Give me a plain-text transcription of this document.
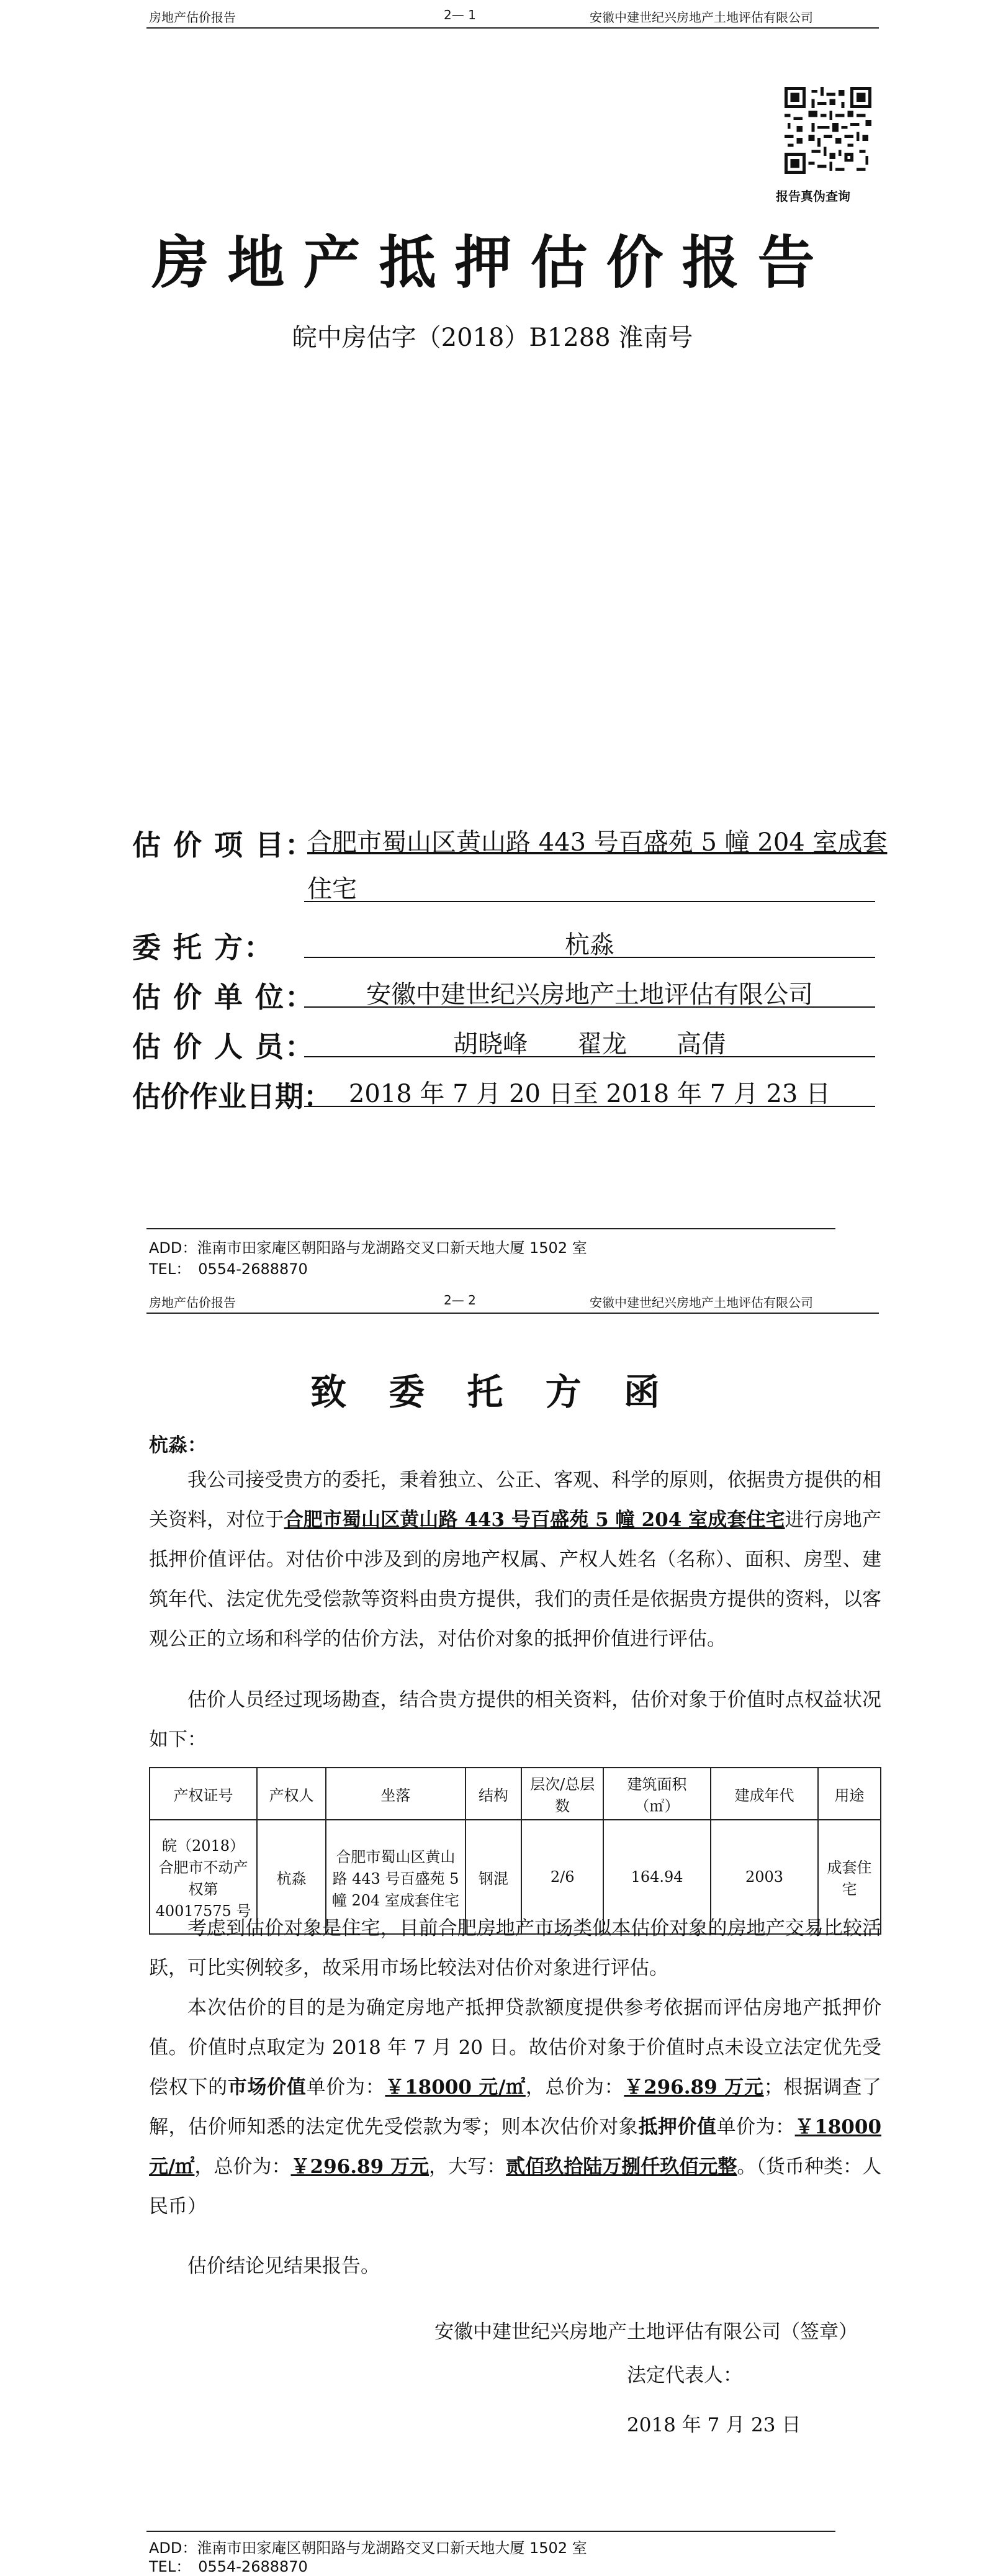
房地产估价报告	2— 1	安徽中建世纪兴房地产土地评估有限公司
报告真伪查询
房地产抵押估价报告
皖中房估字（2018）B1288 淮南号
估 价 项 目：
合肥市蜀山区黄山路 443 号百盛苑 5 幢 204 室成套
住宅
委 托 方：	杭淼
估 价 单 位：	安徽中建世纪兴房地产土地评估有限公司
估 价 人 员：	胡晓峰　　翟龙　　高倩
估价作业日期： 2018 年 7 月 20 日至 2018 年 7 月 23 日
ADD：淮南市田家庵区朝阳路与龙湖路交叉口新天地大厦 1502 室
TEL：　0554-2688870
房地产估价报告	2— 2	安徽中建世纪兴房地产土地评估有限公司
致 委 托 方 函
杭淼：
我公司接受贵方的委托，秉着独立、公正、客观、科学的原则，依据贵方提供的相关资料，对位于合肥市蜀山区黄山路 443 号百盛苑 5 幢 204 室成套住宅进行房地产抵押价值评估。对估价中涉及到的房地产权属、产权人姓名（名称）、面积、房型、建筑年代、法定优先受偿款等资料由贵方提供，我们的责任是依据贵方提供的资料，以客观公正的立场和科学的估价方法，对估价对象的抵押价值进行评估。
估价人员经过现场勘查，结合贵方提供的相关资料，估价对象于价值时点权益状况如下：
产权证号	产权人	坐落	结构	层次/总层数	建筑面积（㎡）	建成年代	用途
皖（2018）合肥市不动产权第 40017575 号	杭淼	合肥市蜀山区黄山路 443 号百盛苑 5 幢 204 室成套住宅	钢混	2/6	164.94	2003	成套住宅
考虑到估价对象是住宅，目前合肥房地产市场类似本估价对象的房地产交易比较活跃，可比实例较多，故采用市场比较法对估价对象进行评估。
本次估价的目的是为确定房地产抵押贷款额度提供参考依据而评估房地产抵押价值。价值时点取定为 2018 年 7 月 20 日。故估价对象于价值时点未设立法定优先受偿权下的市场价值单价为：￥18000 元/㎡，总价为：￥296.89 万元；根据调查了解，估价师知悉的法定优先受偿款为零；则本次估价对象抵押价值单价为：￥18000 元/㎡，总价为：￥296.89 万元，大写：贰佰玖拾陆万捌仟玖佰元整。（货币种类：人民币）
估价结论见结果报告。
安徽中建世纪兴房地产土地评估有限公司（签章）
法定代表人：
2018 年 7 月 23 日
ADD：淮南市田家庵区朝阳路与龙湖路交叉口新天地大厦 1502 室
TEL：　0554-2688870
